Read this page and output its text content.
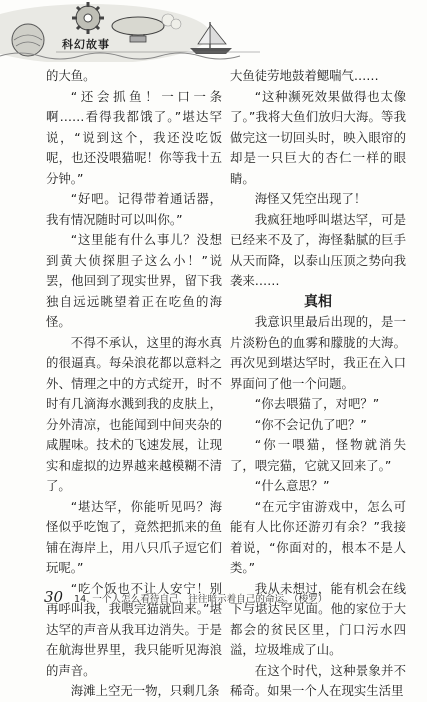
科幻故事

的大鱼。

“还会抓鱼！一口一条啊……看得我都饿了。”堪达罕说，“说到这个，我还没吃饭呢，也还没喂猫呢！你等我十五分钟。”

“好吧。记得带着通话器，我有情况随时可以叫你。”

“这里能有什么事儿？没想到黄大侦探胆子这么小！”说罢，他回到了现实世界，留下我独自远远眺望着正在吃鱼的海怪。

不得不承认，这里的海水真的很逼真。每朵浪花都以意料之外、情理之中的方式绽开，时不时有几滴海水溅到我的皮肤上，分外清凉，也能闻到中间夹杂的咸腥味。技术的飞速发展，让现实和虚拟的边界越来越模糊不清了。

“堪达罕，你能听见吗？海怪似乎吃饱了，竟然把抓来的鱼铺在海岸上，用八只爪子逗它们玩呢。”

“吃个饭也不让人安宁！别再呼叫我，我喂完猫就回来。”堪达罕的声音从我耳边消失。于是在航海世界里，我只能听见海浪的声音。

海滩上空无一物，只剩几条

大鱼徒劳地鼓着鳃喘气……

“这种濒死效果做得也太像了。”我将大鱼们放归大海。等我做完这一切回头时，映入眼帘的却是一只巨大的杏仁一样的眼睛。

海怪又凭空出现了！

我疯狂地呼叫堪达罕，可是已经来不及了，海怪黏腻的巨手从天而降，以泰山压顶之势向我袭来……

真相

我意识里最后出现的，是一片淡粉色的血雾和朦胧的大海。再次见到堪达罕时，我正在入口界面问了他一个问题。

“你去喂猫了，对吧？”

“你不会记仇了吧？”

“你一喂猫，怪物就消失了，喂完猫，它就又回来了。”

“什么意思？”

“在元宇宙游戏中，怎么可能有人比你还游刃有余？”我接着说，“你面对的，根本不是人类。”

我从未想过，能有机会在线下与堪达罕见面。他的家位于大都会的贫民区里，门口污水四溢，垃圾堆成了山。

在这个时代，这种景象并不稀奇。如果一个人在现实生活里

30 14. 一个人怎么看待自己，往往暗示着自己的命运。（梭罗）
